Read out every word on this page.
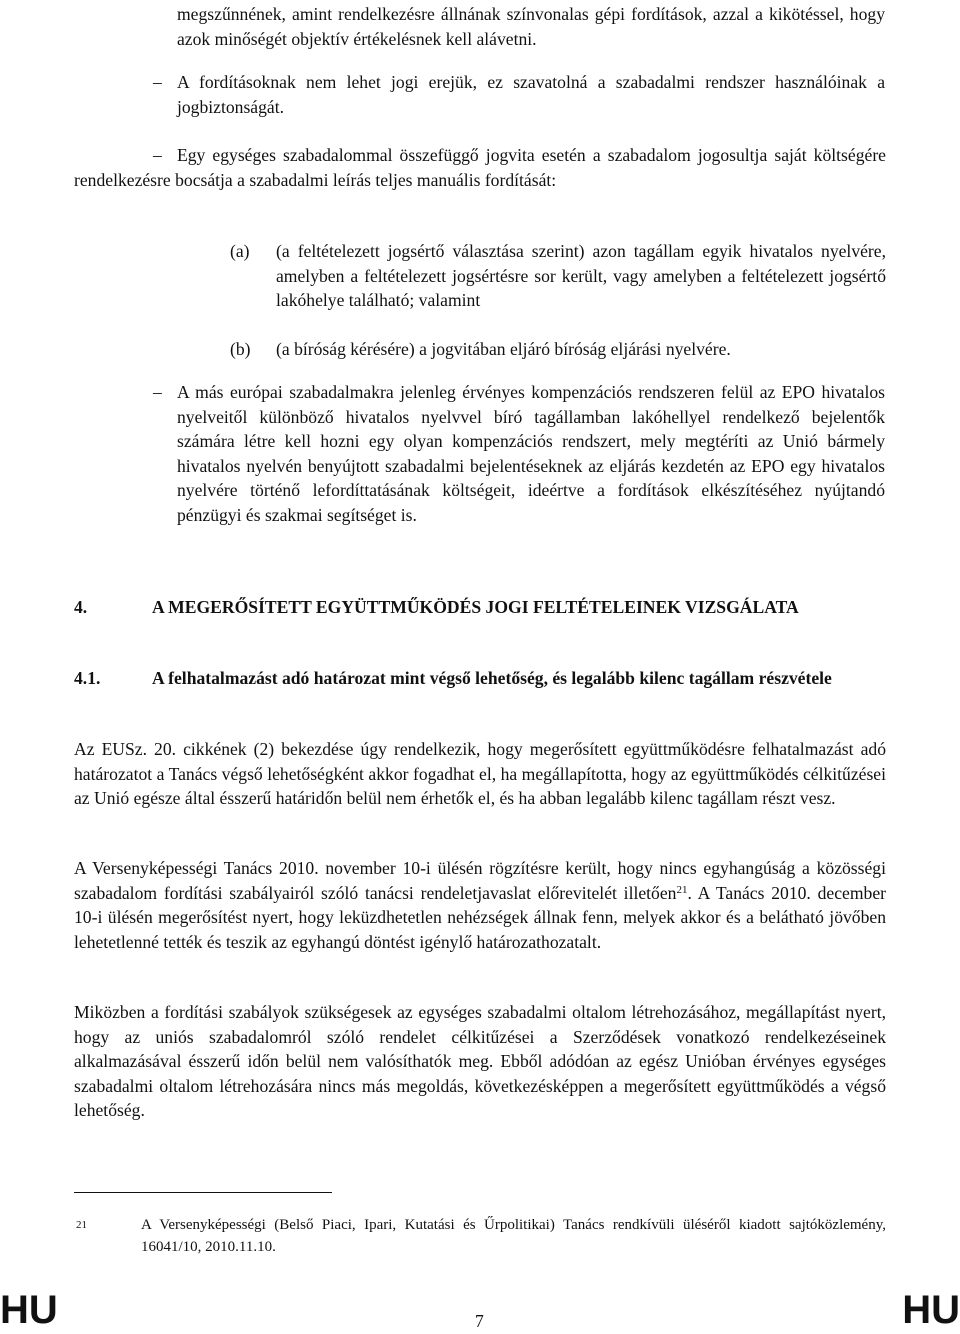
megszűnnének, amint rendelkezésre állnának színvonalas gépi fordítások, azzal a kikötéssel, hogy azok minőségét objektív értékelésnek kell alávetni.

– A fordításoknak nem lehet jogi erejük, ez szavatolná a szabadalmi rendszer használóinak a jogbiztonságát.

– Egy egységes szabadalommal összefüggő jogvita esetén a szabadalom jogosultja saját költségére rendelkezésre bocsátja a szabadalmi leírás teljes manuális fordítását:

(a) (a feltételezett jogsértő választása szerint) azon tagállam egyik hivatalos nyelvére, amelyben a feltételezett jogsértésre sor került, vagy amelyben a feltételezett jogsértő lakóhelye található; valamint

(b) (a bíróság kérésére) a jogvitában eljáró bíróság eljárási nyelvére.

– A más európai szabadalmakra jelenleg érvényes kompenzációs rendszeren felül az EPO hivatalos nyelveitől különböző hivatalos nyelvvel bíró tagállamban lakóhellyel rendelkező bejelentők számára létre kell hozni egy olyan kompenzációs rendszert, mely megtéríti az Unió bármely hivatalos nyelvén benyújtott szabadalmi bejelentéseknek az eljárás kezdetén az EPO egy hivatalos nyelvére történő lefordíttatásának költségeit, ideértve a fordítások elkészítéséhez nyújtandó pénzügyi és szakmai segítséget is.

4.	A MEGERŐSÍTETT EGYÜTTMŰKÖDÉS JOGI FELTÉTELEINEK VIZSGÁLATA

4.1.	A felhatalmazást adó határozat mint végső lehetőség, és legalább kilenc tagállam részvétele

Az EUSz. 20. cikkének (2) bekezdése úgy rendelkezik, hogy megerősített együttműködésre felhatalmazást adó határozatot a Tanács végső lehetőségként akkor fogadhat el, ha megállapította, hogy az együttműködés célkitűzései az Unió egésze által ésszerű határidőn belül nem érhetők el, és ha abban legalább kilenc tagállam részt vesz.

A Versenyképességi Tanács 2010. november 10-i ülésén rögzítésre került, hogy nincs egyhangúság a közösségi szabadalom fordítási szabályairól szóló tanácsi rendeletjavaslat előrevitelét illetően$^{21}$. A Tanács 2010. december 10-i ülésén megerősítést nyert, hogy leküzdhetetlen nehézségek állnak fenn, melyek akkor és a belátható jövőben lehetetlenné tették és teszik az egyhangú döntést igénylő határozathozatalt.

Miközben a fordítási szabályok szükségesek az egységes szabadalmi oltalom létrehozásához, megállapítást nyert, hogy az uniós szabadalomról szóló rendelet célkitűzései a Szerződések vonatkozó rendelkezéseinek alkalmazásával ésszerű időn belül nem valósíthatók meg. Ebből adódóan az egész Unióban érvényes egységes szabadalmi oltalom létrehozására nincs más megoldás, következésképpen a megerősített együttműködés a végső lehetőség.

21	A Versenyképességi (Belső Piaci, Ipari, Kutatási és Űrpolitikai) Tanács rendkívüli üléséről kiadott sajtóközlemény, 16041/10, 2010.11.10.

HU	7	HU
